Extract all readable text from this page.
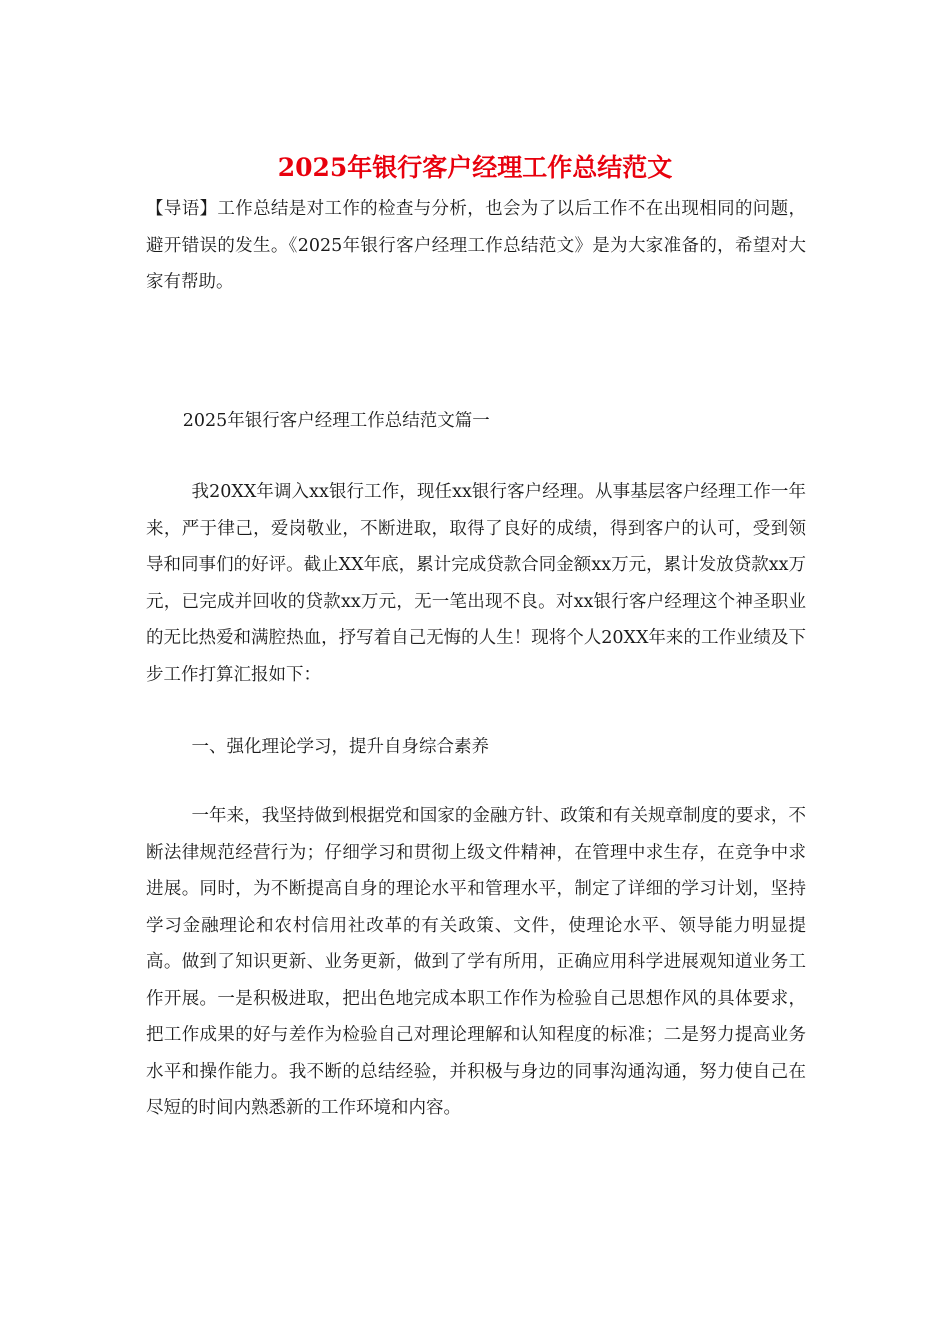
2025年银行客户经理工作总结范文

【导语】工作总结是对工作的检查与分析，也会为了以后工作不在出现相同的问题，避开错误的发生。《2025年银行客户经理工作总结范文》是为大家准备的，希望对大家有帮助。

2025年银行客户经理工作总结范文篇一

我20XX年调入xx银行工作，现任xx银行客户经理。从事基层客户经理工作一年来，严于律己，爱岗敬业，不断进取，取得了良好的成绩，得到客户的认可，受到领导和同事们的好评。截止XX年底，累计完成贷款合同金额xx万元，累计发放贷款xx万元，已完成并回收的贷款xx万元，无一笔出现不良。对xx银行客户经理这个神圣职业的无比热爱和满腔热血，抒写着自己无悔的人生！现将个人20XX年来的工作业绩及下步工作打算汇报如下：

一、强化理论学习，提升自身综合素养

一年来，我坚持做到根据党和国家的金融方针、政策和有关规章制度的要求，不断法律规范经营行为；仔细学习和贯彻上级文件精神，在管理中求生存，在竞争中求进展。同时，为不断提高自身的理论水平和管理水平，制定了详细的学习计划，坚持学习金融理论和农村信用社改革的有关政策、文件，使理论水平、领导能力明显提高。做到了知识更新、业务更新，做到了学有所用，正确应用科学进展观知道业务工作开展。一是积极进取，把出色地完成本职工作作为检验自己思想作风的具体要求，把工作成果的好与差作为检验自己对理论理解和认知程度的标准；二是努力提高业务水平和操作能力。我不断的总结经验，并积极与身边的同事沟通沟通，努力使自己在尽短的时间内熟悉新的工作环境和内容。
